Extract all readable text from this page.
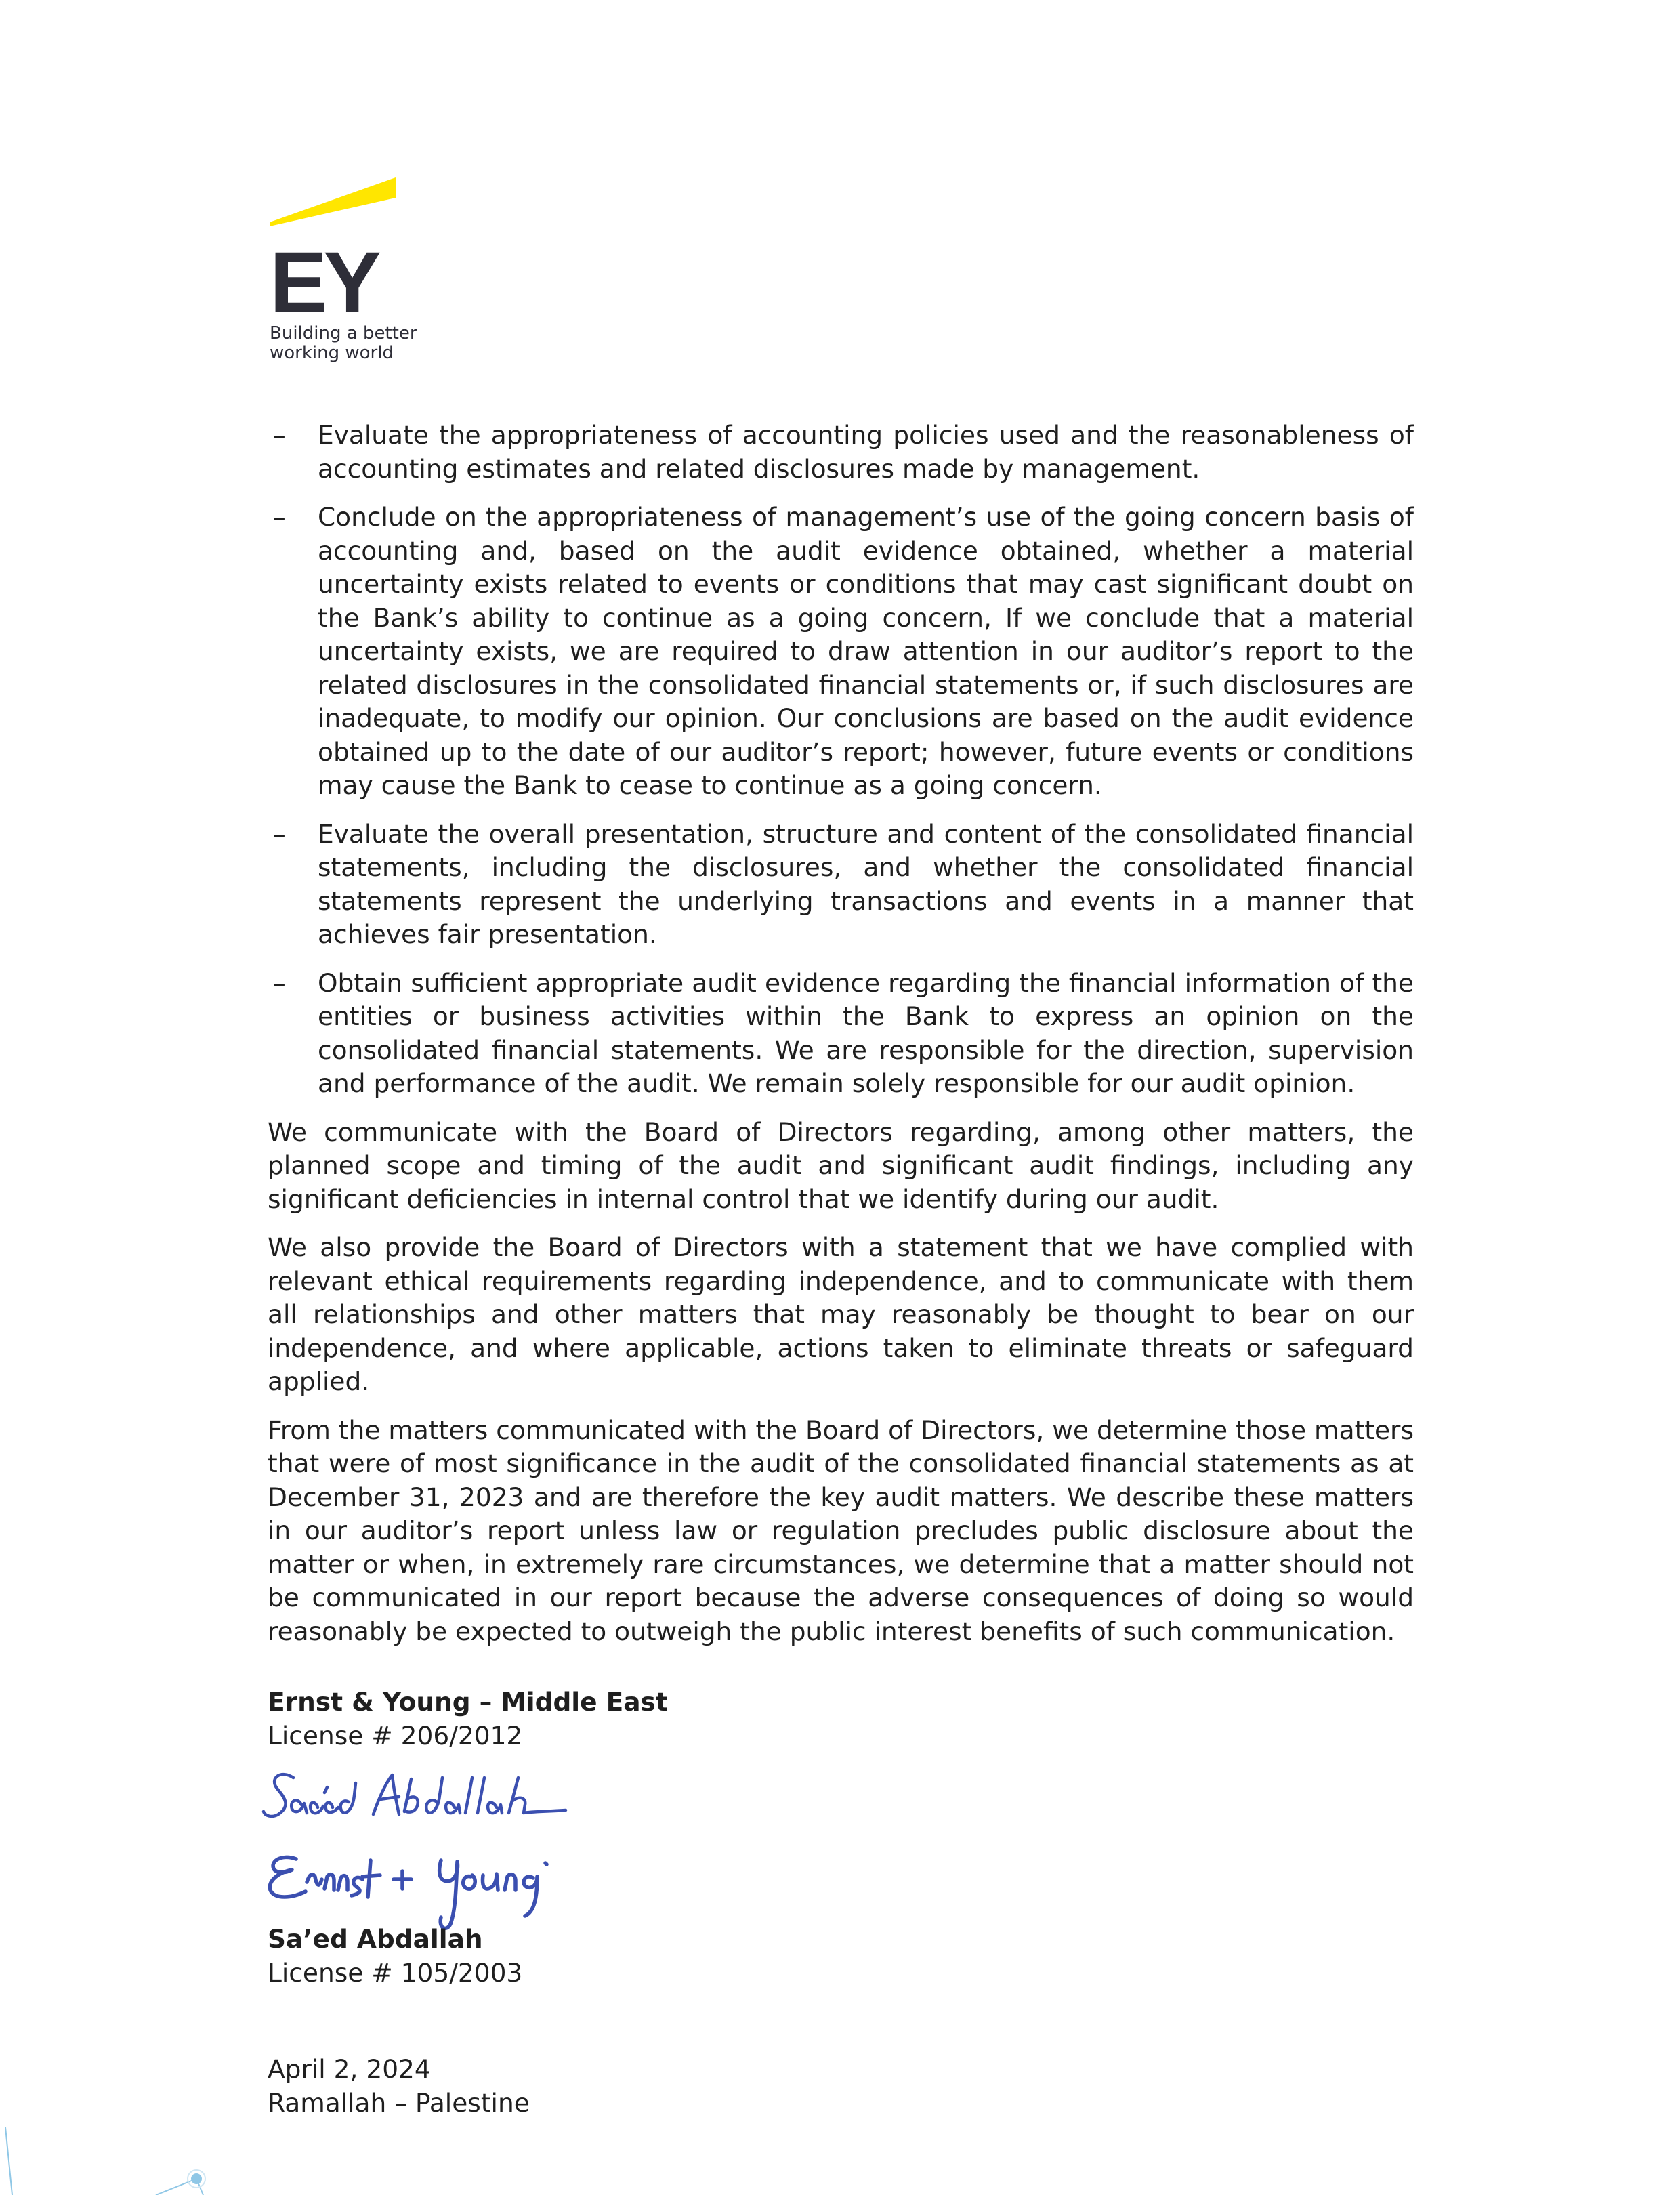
EY
Building a better
working world
– Evaluate the appropriateness of accounting policies used and the reasonableness of accounting estimates and related disclosures made by management.
– Conclude on the appropriateness of management’s use of the going concern basis of accounting and, based on the audit evidence obtained, whether a material uncertainty exists related to events or conditions that may cast significant doubt on the Bank’s ability to continue as a going concern, If we conclude that a material uncertainty exists, we are required to draw attention in our auditor’s report to the related disclosures in the consolidated financial statements or, if such disclosures are inadequate, to modify our opinion. Our conclusions are based on the audit evidence obtained up to the date of our auditor’s report; however, future events or conditions may cause the Bank to cease to continue as a going concern.
– Evaluate the overall presentation, structure and content of the consolidated financial statements, including the disclosures, and whether the consolidated financial statements represent the underlying transactions and events in a manner that achieves fair presentation.
– Obtain sufficient appropriate audit evidence regarding the financial information of the entities or business activities within the Bank to express an opinion on the consolidated financial statements. We are responsible for the direction, supervision and performance of the audit. We remain solely responsible for our audit opinion.

We communicate with the Board of Directors regarding, among other matters, the planned scope and timing of the audit and significant audit findings, including any significant deficiencies in internal control that we identify during our audit.

We also provide the Board of Directors with a statement that we have complied with relevant ethical requirements regarding independence, and to communicate with them all relationships and other matters that may reasonably be thought to bear on our independence, and where applicable, actions taken to eliminate threats or safeguard applied.

From the matters communicated with the Board of Directors, we determine those matters that were of most significance in the audit of the consolidated financial statements as at December 31, 2023 and are therefore the key audit matters. We describe these matters in our auditor’s report unless law or regulation precludes public disclosure about the matter or when, in extremely rare circumstances, we determine that a matter should not be communicated in our report because the adverse consequences of doing so would reasonably be expected to outweigh the public interest benefits of such communication.

Ernst & Young – Middle East
License # 206/2012
Sa’ed Abdallah
License # 105/2003
April 2, 2024
Ramallah – Palestine
